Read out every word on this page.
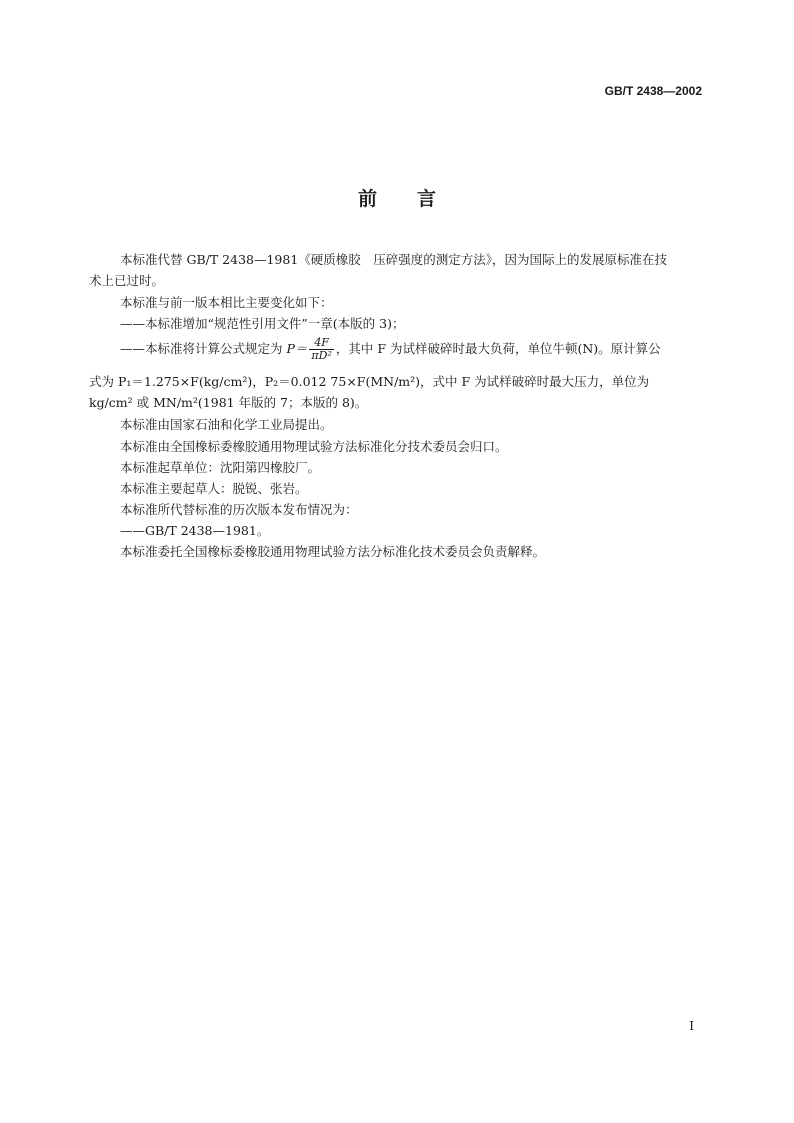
GB/T 2438—2002
前 言
本标准代替 GB/T 2438—1981《硬质橡胶　压碎强度的测定方法》，因为国际上的发展原标准在技
术上已过时。
本标准与前一版本相比主要变化如下：
——本标准增加“规范性引用文件”一章(本版的 3)；
——本标准将计算公式规定为 $P= \frac{4F}{\text{πD²}}$ ，其中 F 为试样破碎时最大负荷，单位牛顿(N)。原计算公
式为 P₁＝1.275×F(kg/cm²)，P₂＝0.012 75×F(MN/m²)，式中 F 为试样破碎时最大压力，单位为
kg/cm² 或 MN/m²(1981 年版的 7；本版的 8)。
本标准由国家石油和化学工业局提出。
本标准由全国橡标委橡胶通用物理试验方法标准化分技术委员会归口。
本标准起草单位：沈阳第四橡胶厂。
本标准主要起草人：脱锐、张岩。
本标准所代替标准的历次版本发布情况为：
——GB/T 2438—1981。
本标准委托全国橡标委橡胶通用物理试验方法分标准化技术委员会负责解释。
I
